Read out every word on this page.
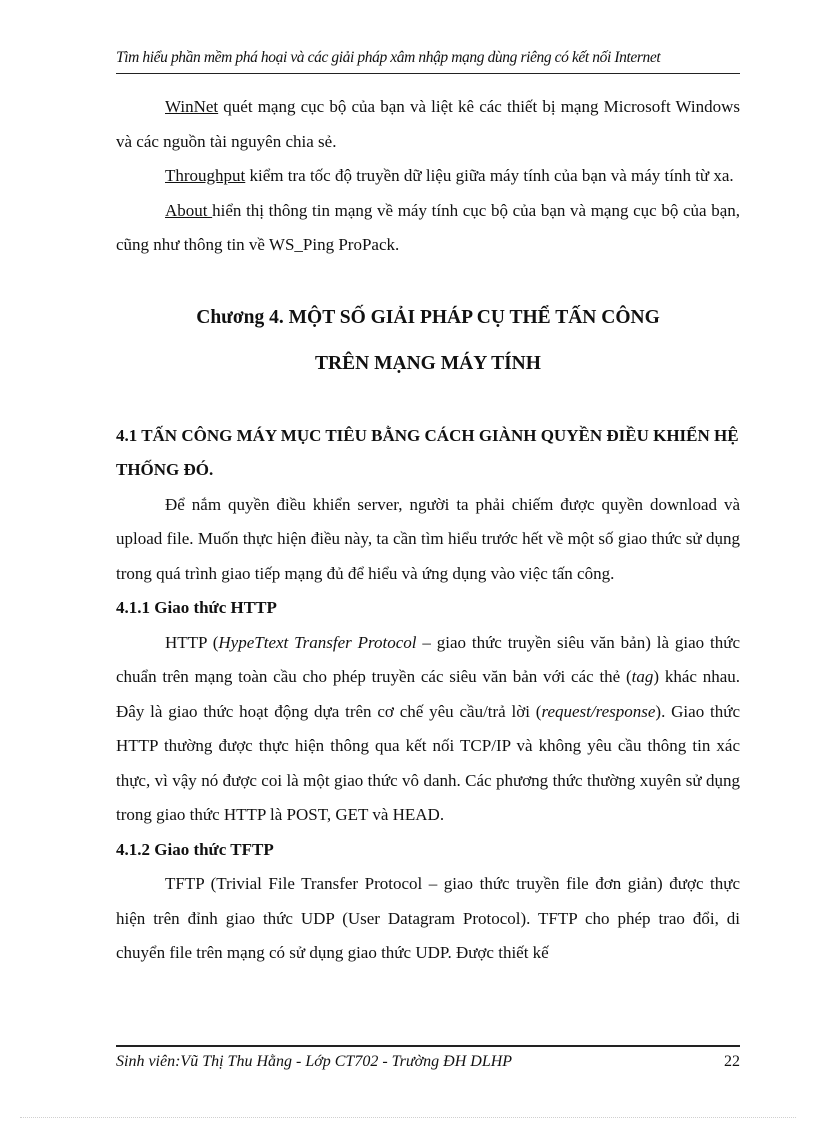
Tìm hiểu phần mềm phá hoại và các giải pháp xâm nhập mạng dùng riêng có kết nối Internet

WinNet quét mạng cục bộ của bạn và liệt kê các thiết bị mạng Microsoft Windows và các nguồn tài nguyên chia sẻ.

Throughput kiểm tra tốc độ truyền dữ liệu giữa máy tính của bạn và máy tính từ xa.

About hiển thị thông tin mạng về máy tính cục bộ của bạn và mạng cục bộ của bạn, cũng như thông tin về WS_Ping ProPack.

Chương 4. MỘT SỐ GIẢI PHÁP CỤ THỂ TẤN CÔNG
TRÊN MẠNG MÁY TÍNH

4.1 TẤN CÔNG MÁY MỤC TIÊU BẰNG CÁCH GIÀNH QUYỀN ĐIỀU KHIỂN HỆ THỐNG ĐÓ.

Để nắm quyền điều khiển server, người ta phải chiếm được quyền download và upload file. Muốn thực hiện điều này, ta cần tìm hiểu trước hết về một số giao thức sử dụng trong quá trình giao tiếp mạng đủ để hiểu và ứng dụng vào việc tấn công.

4.1.1 Giao thức HTTP

HTTP (HypeTtext Transfer Protocol – giao thức truyền siêu văn bản) là giao thức chuẩn trên mạng toàn cầu cho phép truyền các siêu văn bản với các thẻ (tag) khác nhau. Đây là giao thức hoạt động dựa trên cơ chế yêu cầu/trả lời (request/response). Giao thức HTTP thường được thực hiện thông qua kết nối TCP/IP và không yêu cầu thông tin xác thực, vì vậy nó được coi là một giao thức vô danh. Các phương thức thường xuyên sử dụng trong giao thức HTTP là POST, GET và HEAD.

4.1.2 Giao thức TFTP

TFTP (Trivial File Transfer Protocol – giao thức truyền file đơn giản) được thực hiện trên đỉnh giao thức UDP (User Datagram Protocol). TFTP cho phép trao đổi, di chuyển file trên mạng có sử dụng giao thức UDP. Được thiết kế

Sinh viên:Vũ Thị Thu Hằng - Lớp CT702 - Trường ĐH DLHP	22
